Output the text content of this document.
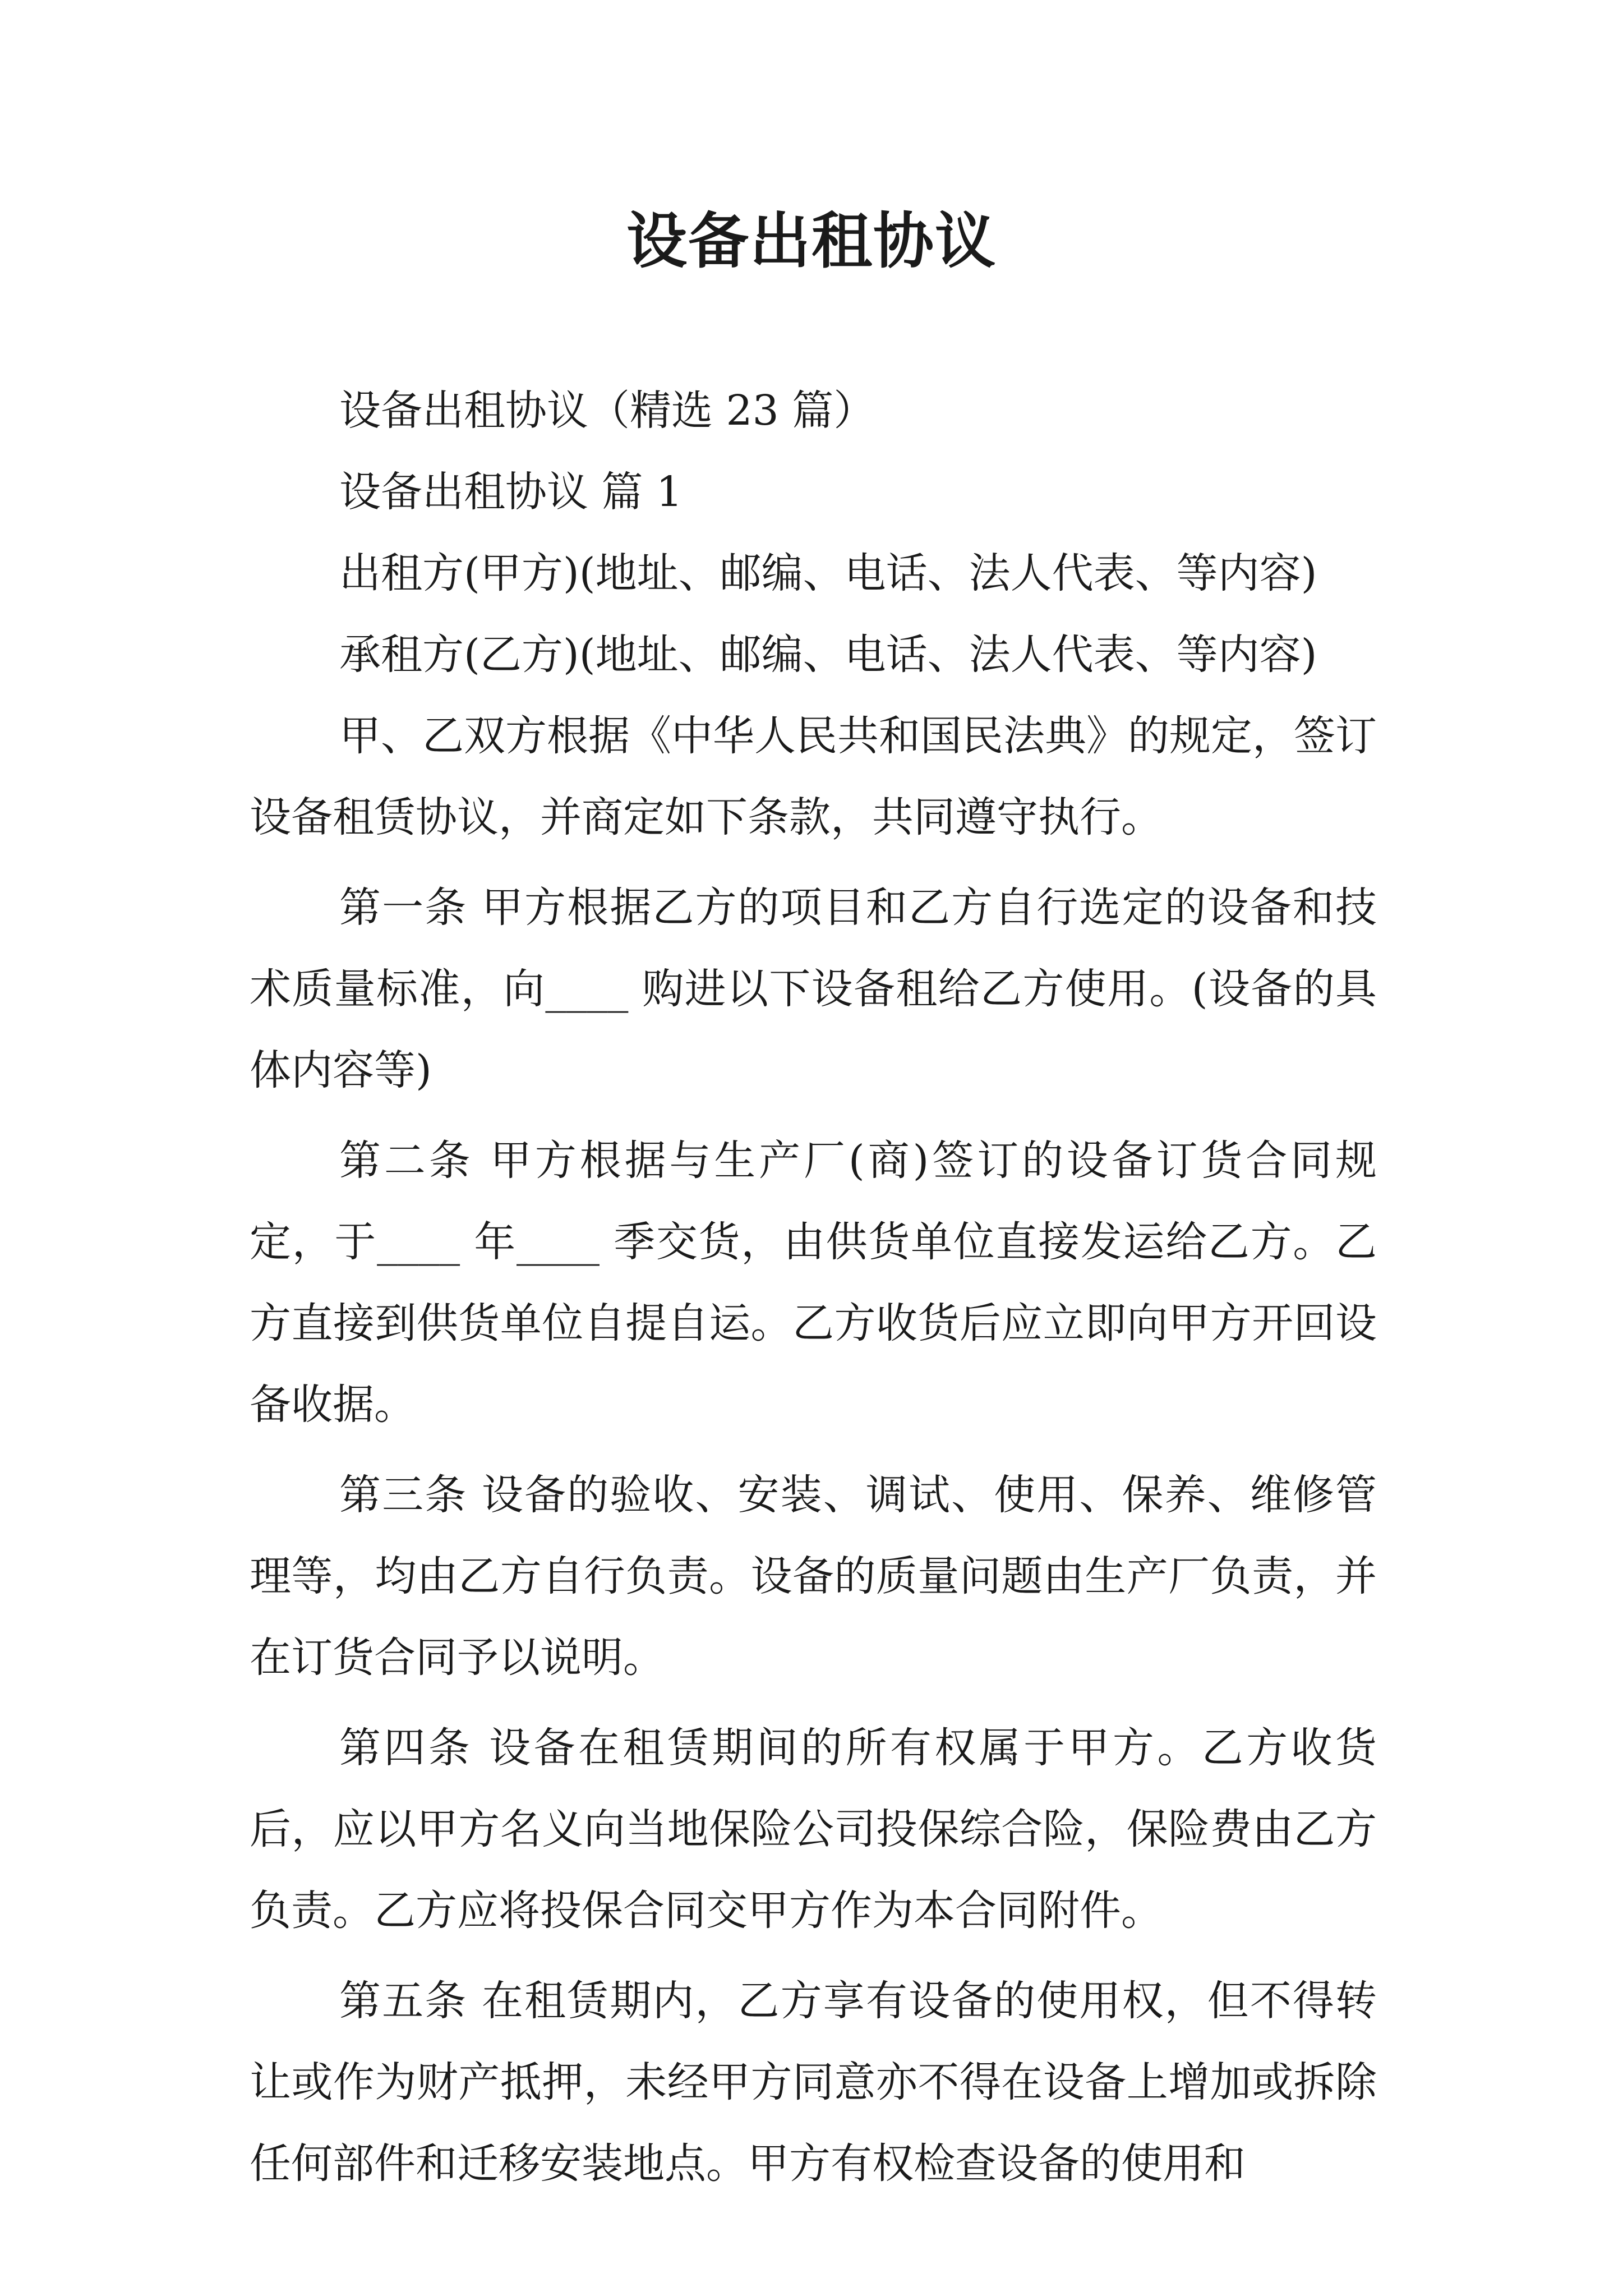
设备出租协议

设备出租协议（精选 23 篇）

设备出租协议 篇 1

出租方(甲方)(地址、邮编、电话、法人代表、等内容)

承租方(乙方)(地址、邮编、电话、法人代表、等内容)

甲、乙双方根据《中华人民共和国民法典》的规定，签订设备租赁协议，并商定如下条款，共同遵守执行。

第一条 甲方根据乙方的项目和乙方自行选定的设备和技术质量标准，向____ 购进以下设备租给乙方使用。(设备的具体内容等)

第二条 甲方根据与生产厂(商)签订的设备订货合同规定，于____ 年____ 季交货，由供货单位直接发运给乙方。乙方直接到供货单位自提自运。乙方收货后应立即向甲方开回设备收据。

第三条 设备的验收、安装、调试、使用、保养、维修管理等，均由乙方自行负责。设备的质量问题由生产厂负责，并在订货合同予以说明。

第四条 设备在租赁期间的所有权属于甲方。乙方收货后，应以甲方名义向当地保险公司投保综合险，保险费由乙方负责。乙方应将投保合同交甲方作为本合同附件。

第五条 在租赁期内，乙方享有设备的使用权，但不得转让或作为财产抵押，未经甲方同意亦不得在设备上增加或拆除任何部件和迁移安装地点。甲方有权检查设备的使用和
